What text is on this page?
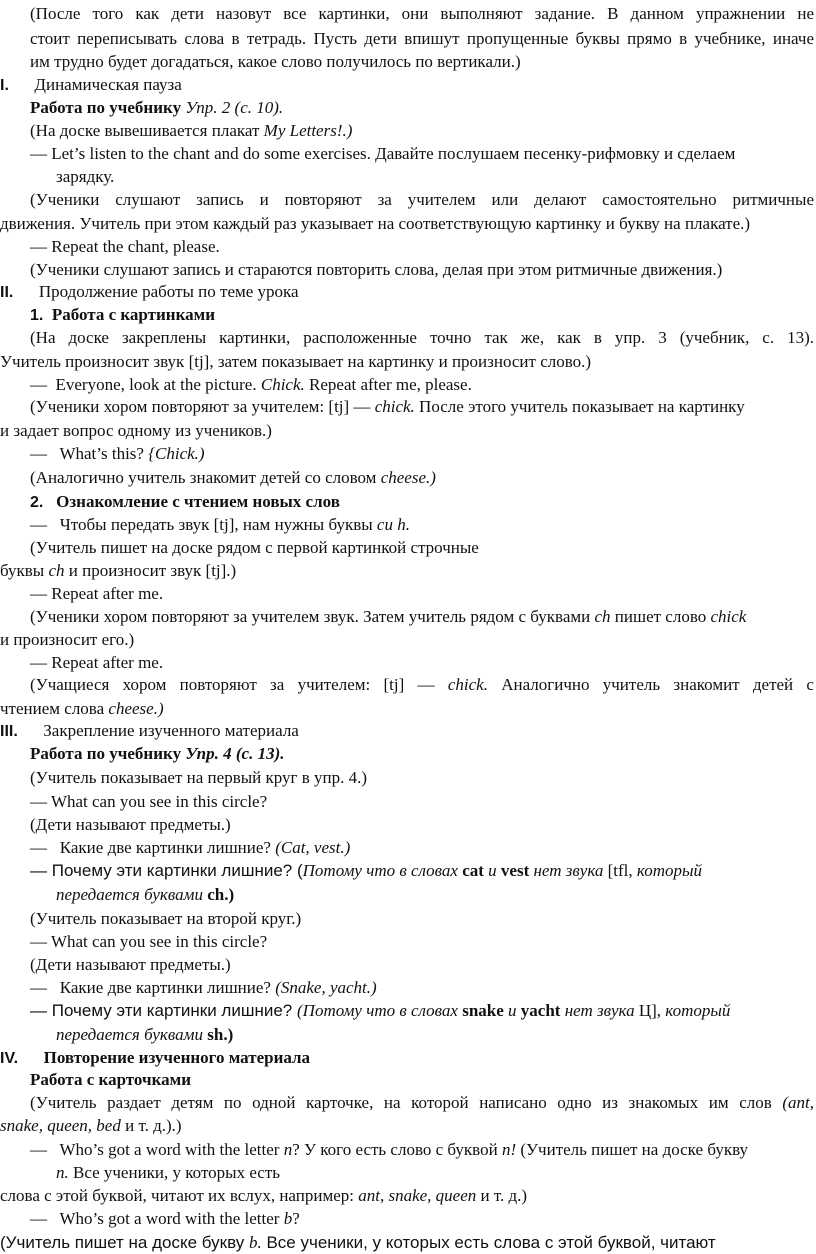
(После того как дети назовут все картинки, они выполняют задание. В данном упражнении не
стоит переписывать слова в тетрадь. Пусть дети впишут пропущенные буквы прямо в учебнике, иначе
им трудно будет догадаться, какое слово получилось по вертикали.)
I.      Динамическая пауза
Работа по учебнику Упр. 2 (с. 10).
(На доске вывешивается плакат My Letters!.)
— Let’s listen to the chant and do some exercises. Давайте послушаем песенку-рифмовку и сделаем
зарядку.
(Ученики слушают запись и повторяют за учителем или делают самостоятельно ритмичные
движения. Учитель при этом каждый раз указывает на соответствующую картинку и букву на плакате.)
— Repeat the chant, please.
(Ученики слушают запись и стараются повторить слова, делая при этом ритмичные движения.)
II.      Продолжение работы по теме урока
1.  Работа с картинками
(На доске закреплены картинки, расположенные точно так же, как в упр. 3 (учебник, с. 13).
Учитель произносит звук [tj], затем показывает на картинку и произносит слово.)
—  Everyone, look at the picture. Chick. Repeat after me, please.
(Ученики хором повторяют за учителем: [tj] — chick. После этого учитель показывает на картинку
и задает вопрос одному из учеников.)
—   What’s this? {Chick.)
(Аналогично учитель знакомит детей со словом cheese.)
2.   Ознакомление с чтением новых слов
—   Чтобы передать звук [tj], нам нужны буквы си h.
(Учитель пишет на доске рядом с первой картинкой строчные
буквы ch и произносит звук [tj].)
— Repeat after me.
(Ученики хором повторяют за учителем звук. Затем учитель рядом с буквами ch пишет слово chick
и произносит его.)
— Repeat after me.
(Учащиеся хором повторяют за учителем: [tj] — chick. Аналогично учитель знакомит детей с
чтением слова cheese.)
III.      Закрепление изученного материала
Работа по учебнику Упр. 4 (с. 13).
(Учитель показывает на первый круг в упр. 4.)
— What can you see in this circle?
(Дети называют предметы.)
—   Какие две картинки лишние? (Cat, vest.)
— Почему эти картинки лишние? (Потому что в словах cat и vest нет звука [tfl, который
передается буквами ch.)
(Учитель показывает на второй круг.)
— What can you see in this circle?
(Дети называют предметы.)
—   Какие две картинки лишние? (Snake, yacht.)
— Почему эти картинки лишние? (Потому что в словах snake и yacht нет звука Ц], который
передается буквами sh.)
IV.      Повторение изученного материала
Работа с карточками
(Учитель раздает детям по одной карточке, на которой написано одно из знакомых им слов (ant,
snake, queen, bed и т. д.).)
—   Who’s got a word with the letter n? У кого есть слово с буквой n! (Учитель пишет на доске букву
n. Все ученики, у которых есть
слова с этой буквой, читают их вслух, например: ant, snake, queen и т. д.)
—   Who’s got a word with the letter b?
(Учитель пишет на доске букву b. Все ученики, у которых есть слова с этой буквой, читают
